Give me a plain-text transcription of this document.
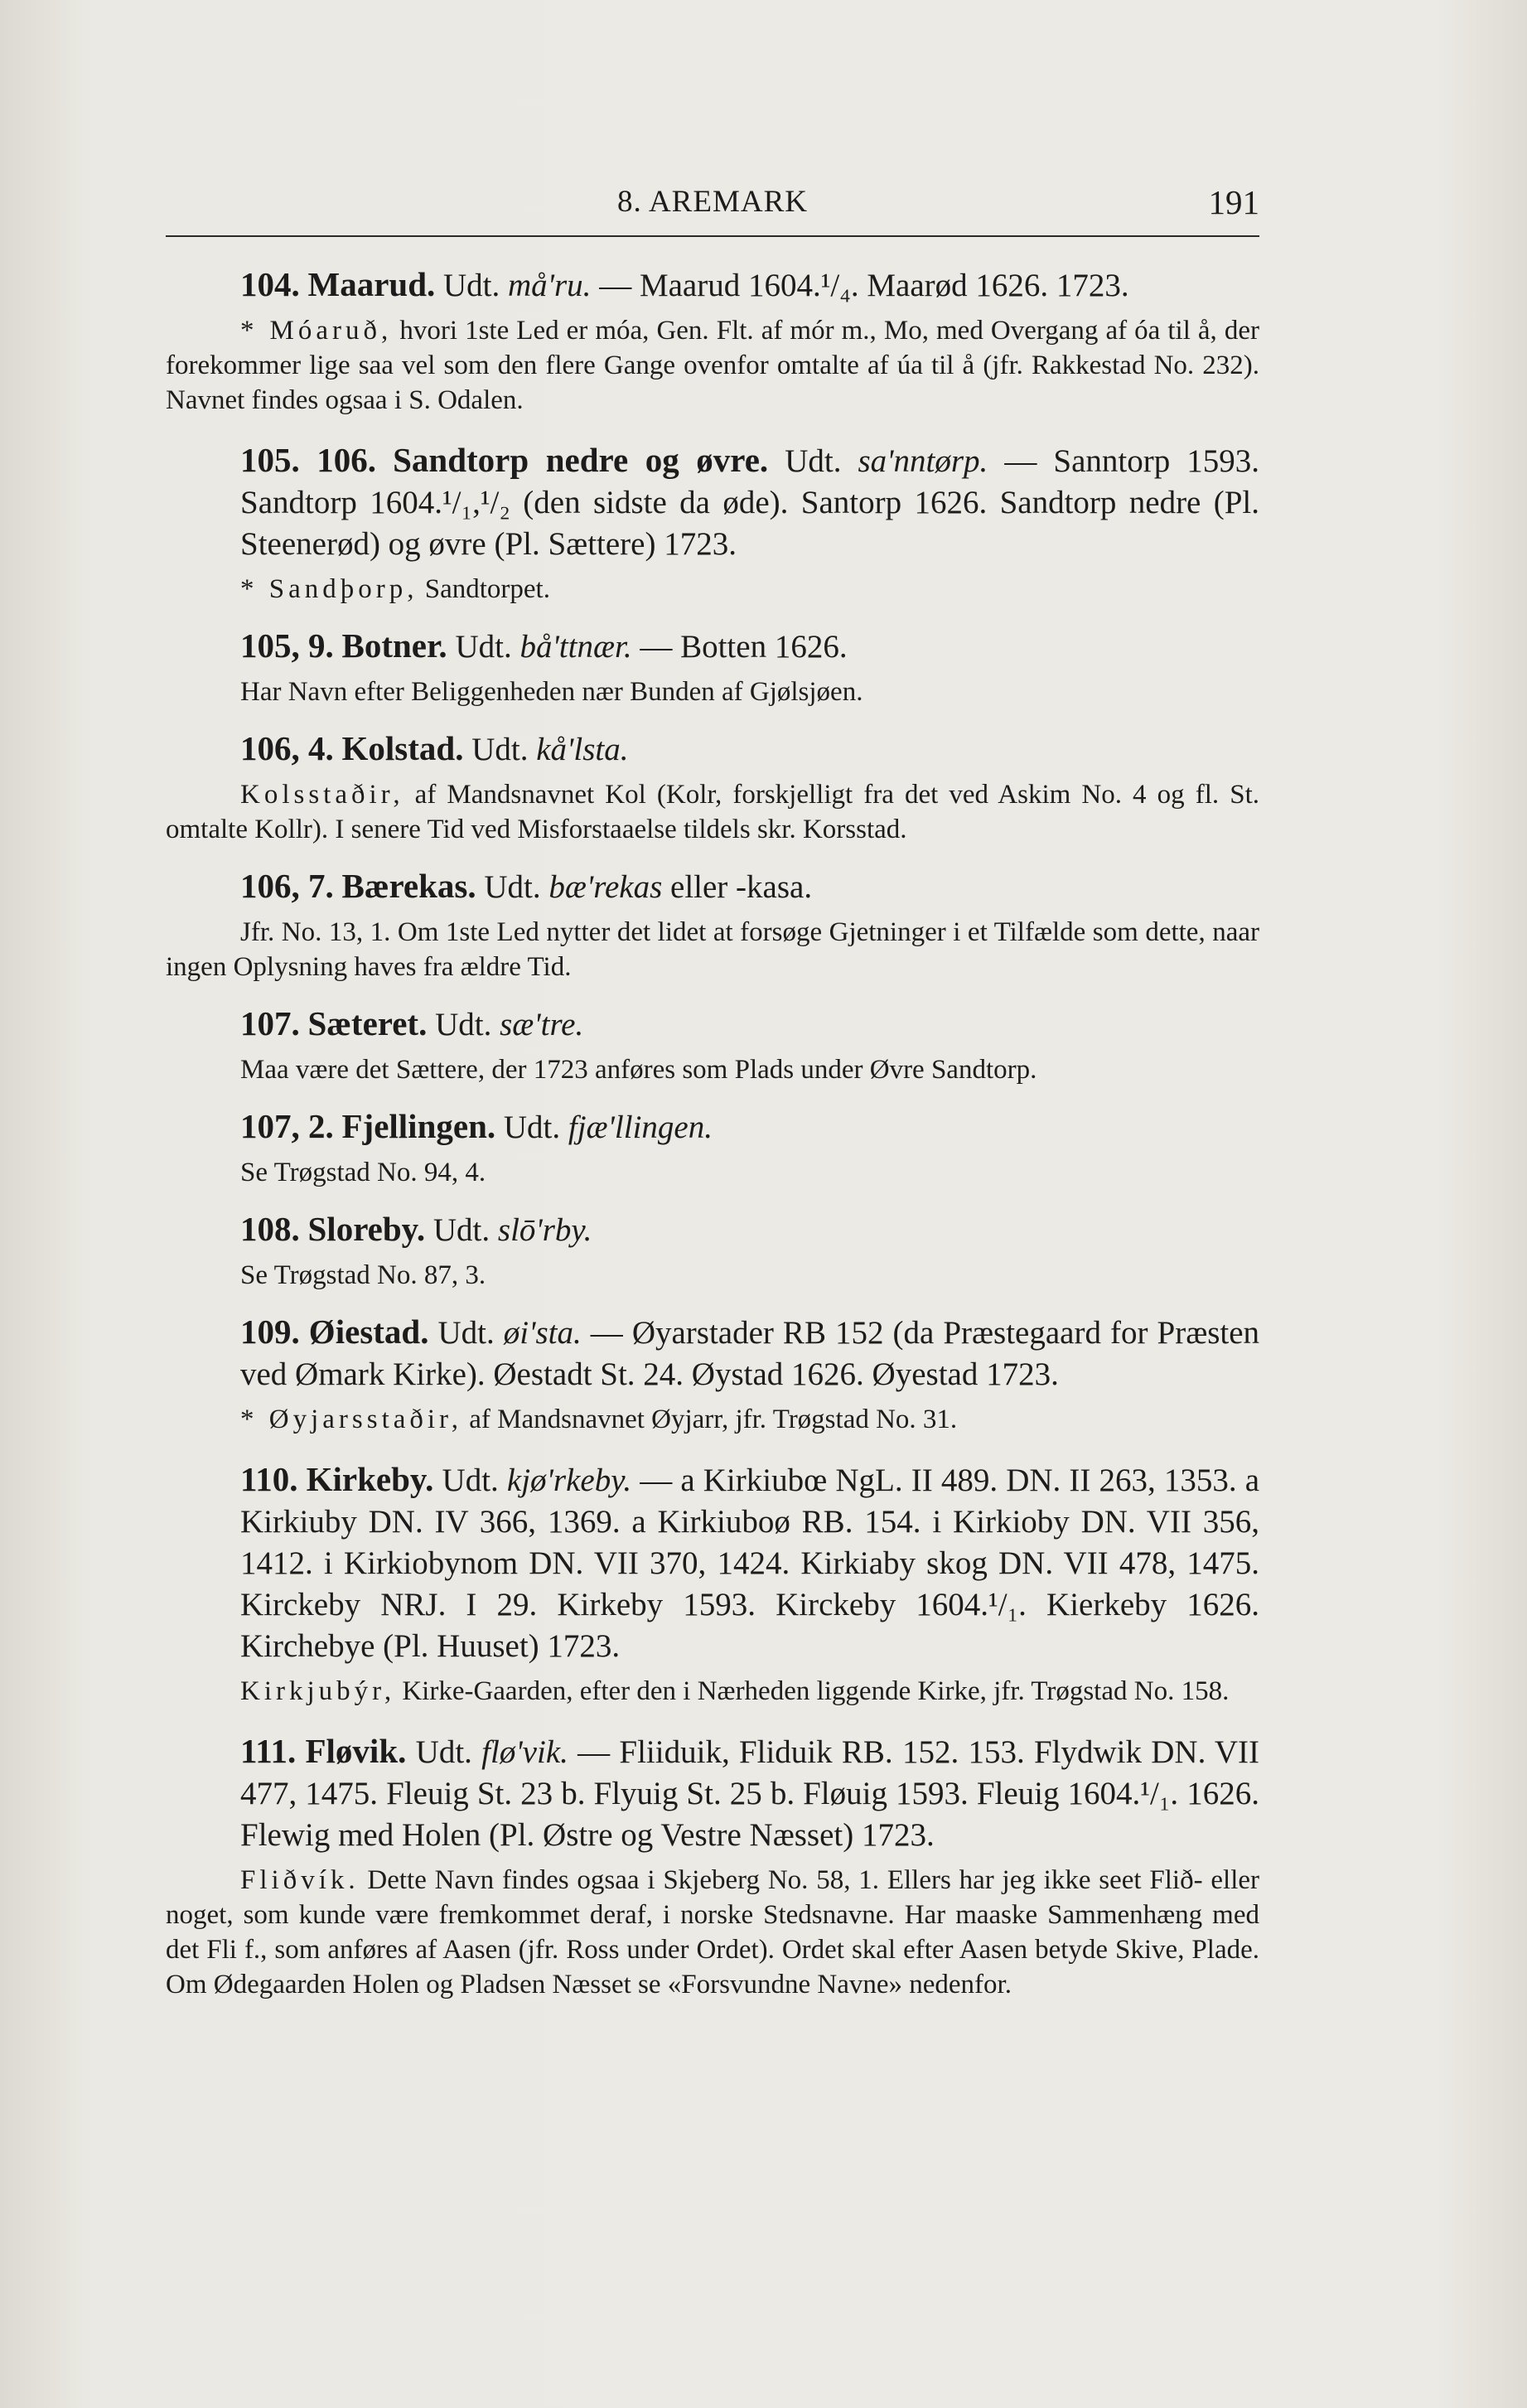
8. AREMARK	191

104. Maarud. Udt. må'ru. — Maarud 1604.¹/₄. Maarød 1626. 1723.

* Móaruð, hvori 1ste Led er móa, Gen. Flt. af mór m., Mo, med Overgang af óa til å, der forekommer lige saa vel som den flere Gange ovenfor omtalte af úa til å (jfr. Rakkestad No. 232). Navnet findes ogsaa i S. Odalen.

105. 106. Sandtorp nedre og øvre. Udt. sa'nntørp. — Sanntorp 1593. Sandtorp 1604.¹/₁,¹/₂ (den sidste da øde). Santorp 1626. Sandtorp nedre (Pl. Steenerød) og øvre (Pl. Sættere) 1723.

* Sandþorp, Sandtorpet.

105, 9. Botner. Udt. bå'ttnær. — Botten 1626.

Har Navn efter Beliggenheden nær Bunden af Gjølsjøen.

106, 4. Kolstad. Udt. kå'lsta.

Kolsstaðir, af Mandsnavnet Kol (Kolr, forskjelligt fra det ved Askim No. 4 og fl. St. omtalte Kollr). I senere Tid ved Misforstaaelse tildels skr. Korsstad.

106, 7. Bærekas. Udt. bæ'rekas eller -kasa.

Jfr. No. 13, 1. Om 1ste Led nytter det lidet at forsøge Gjetninger i et Tilfælde som dette, naar ingen Oplysning haves fra ældre Tid.

107. Sæteret. Udt. sæ'tre.

Maa være det Sættere, der 1723 anføres som Plads under Øvre Sandtorp.

107, 2. Fjellingen. Udt. fjæ'llingen.

Se Trøgstad No. 94, 4.

108. Sloreby. Udt. slō'rby.

Se Trøgstad No. 87, 3.

109. Øiestad. Udt. øi'sta. — Øyarstader RB 152 (da Præstegaard for Præsten ved Ømark Kirke). Øestadt St. 24. Øystad 1626. Øyestad 1723.

* Øyjarsstaðir, af Mandsnavnet Øyjarr, jfr. Trøgstad No. 31.

110. Kirkeby. Udt. kjø'rkeby. — a Kirkiubœ NgL. II 489. DN. II 263, 1353. a Kirkiuby DN. IV 366, 1369. a Kirkiuboø RB. 154. i Kirkioby DN. VII 356, 1412. i Kirkiobynom DN. VII 370, 1424. Kirkiaby skog DN. VII 478, 1475. Kirckeby NRJ. I 29. Kirkeby 1593. Kirckeby 1604.¹/₁. Kierkeby 1626. Kirchebye (Pl. Huuset) 1723.

Kirkjubýr, Kirke-Gaarden, efter den i Nærheden liggende Kirke, jfr. Trøgstad No. 158.

111. Fløvik. Udt. flø'vik. — Fliiduik, Fliduik RB. 152. 153. Flydwik DN. VII 477, 1475. Fleuig St. 23 b. Flyuig St. 25 b. Fløuig 1593. Fleuig 1604.¹/₁. 1626. Flewig med Holen (Pl. Østre og Vestre Næsset) 1723.

Fliðvík. Dette Navn findes ogsaa i Skjeberg No. 58, 1. Ellers har jeg ikke seet Flið- eller noget, som kunde være fremkommet deraf, i norske Stedsnavne. Har maaske Sammenhæng med det Fli f., som anføres af Aasen (jfr. Ross under Ordet). Ordet skal efter Aasen betyde Skive, Plade. Om Ødegaarden Holen og Pladsen Næsset se «Forsvundne Navne» nedenfor.
